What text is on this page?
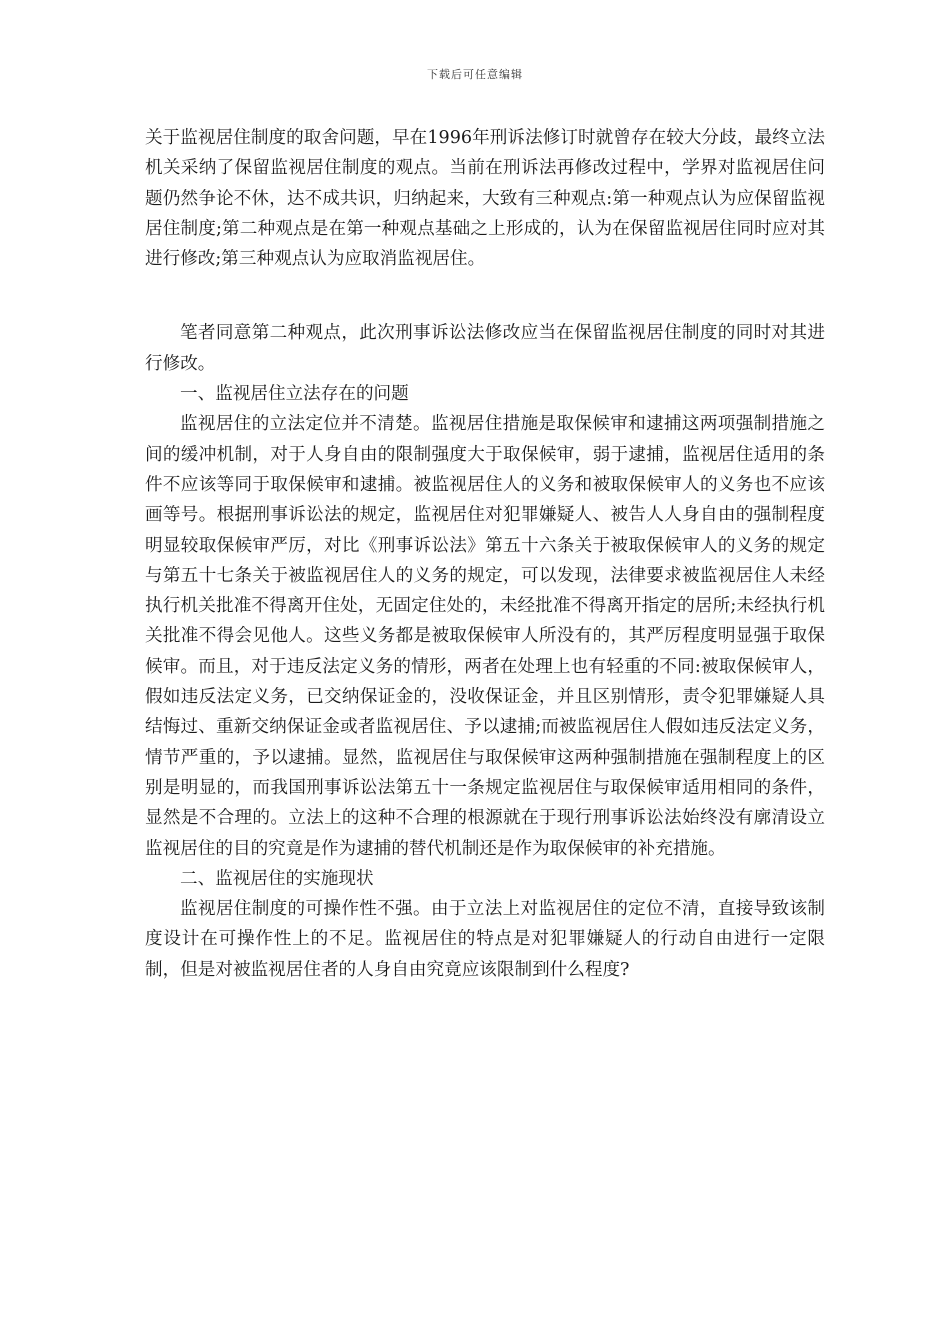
下载后可任意编辑

关于监视居住制度的取舍问题，早在1996年刑诉法修订时就曾存在较大分歧，最终立法机关采纳了保留监视居住制度的观点。当前在刑诉法再修改过程中，学界对监视居住问题仍然争论不休，达不成共识，归纳起来，大致有三种观点:第一种观点认为应保留监视居住制度;第二种观点是在第一种观点基础之上形成的，认为在保留监视居住同时应对其进行修改;第三种观点认为应取消监视居住。

笔者同意第二种观点，此次刑事诉讼法修改应当在保留监视居住制度的同时对其进行修改。

一、监视居住立法存在的问题

监视居住的立法定位并不清楚。监视居住措施是取保候审和逮捕这两项强制措施之间的缓冲机制，对于人身自由的限制强度大于取保候审，弱于逮捕，监视居住适用的条件不应该等同于取保候审和逮捕。被监视居住人的义务和被取保候审人的义务也不应该画等号。根据刑事诉讼法的规定，监视居住对犯罪嫌疑人、被告人人身自由的强制程度明显较取保候审严厉，对比《刑事诉讼法》第五十六条关于被取保候审人的义务的规定与第五十七条关于被监视居住人的义务的规定，可以发现，法律要求被监视居住人未经执行机关批准不得离开住处，无固定住处的，未经批准不得离开指定的居所;未经执行机关批准不得会见他人。这些义务都是被取保候审人所没有的，其严厉程度明显强于取保候审。而且，对于违反法定义务的情形，两者在处理上也有轻重的不同:被取保候审人，假如违反法定义务，已交纳保证金的，没收保证金，并且区别情形，责令犯罪嫌疑人具结悔过、重新交纳保证金或者监视居住、予以逮捕;而被监视居住人假如违反法定义务，情节严重的，予以逮捕。显然，监视居住与取保候审这两种强制措施在强制程度上的区别是明显的，而我国刑事诉讼法第五十一条规定监视居住与取保候审适用相同的条件，显然是不合理的。立法上的这种不合理的根源就在于现行刑事诉讼法始终没有廓清设立监视居住的目的究竟是作为逮捕的替代机制还是作为取保候审的补充措施。

二、监视居住的实施现状

监视居住制度的可操作性不强。由于立法上对监视居住的定位不清，直接导致该制度设计在可操作性上的不足。监视居住的特点是对犯罪嫌疑人的行动自由进行一定限制，但是对被监视居住者的人身自由究竟应该限制到什么程度?
